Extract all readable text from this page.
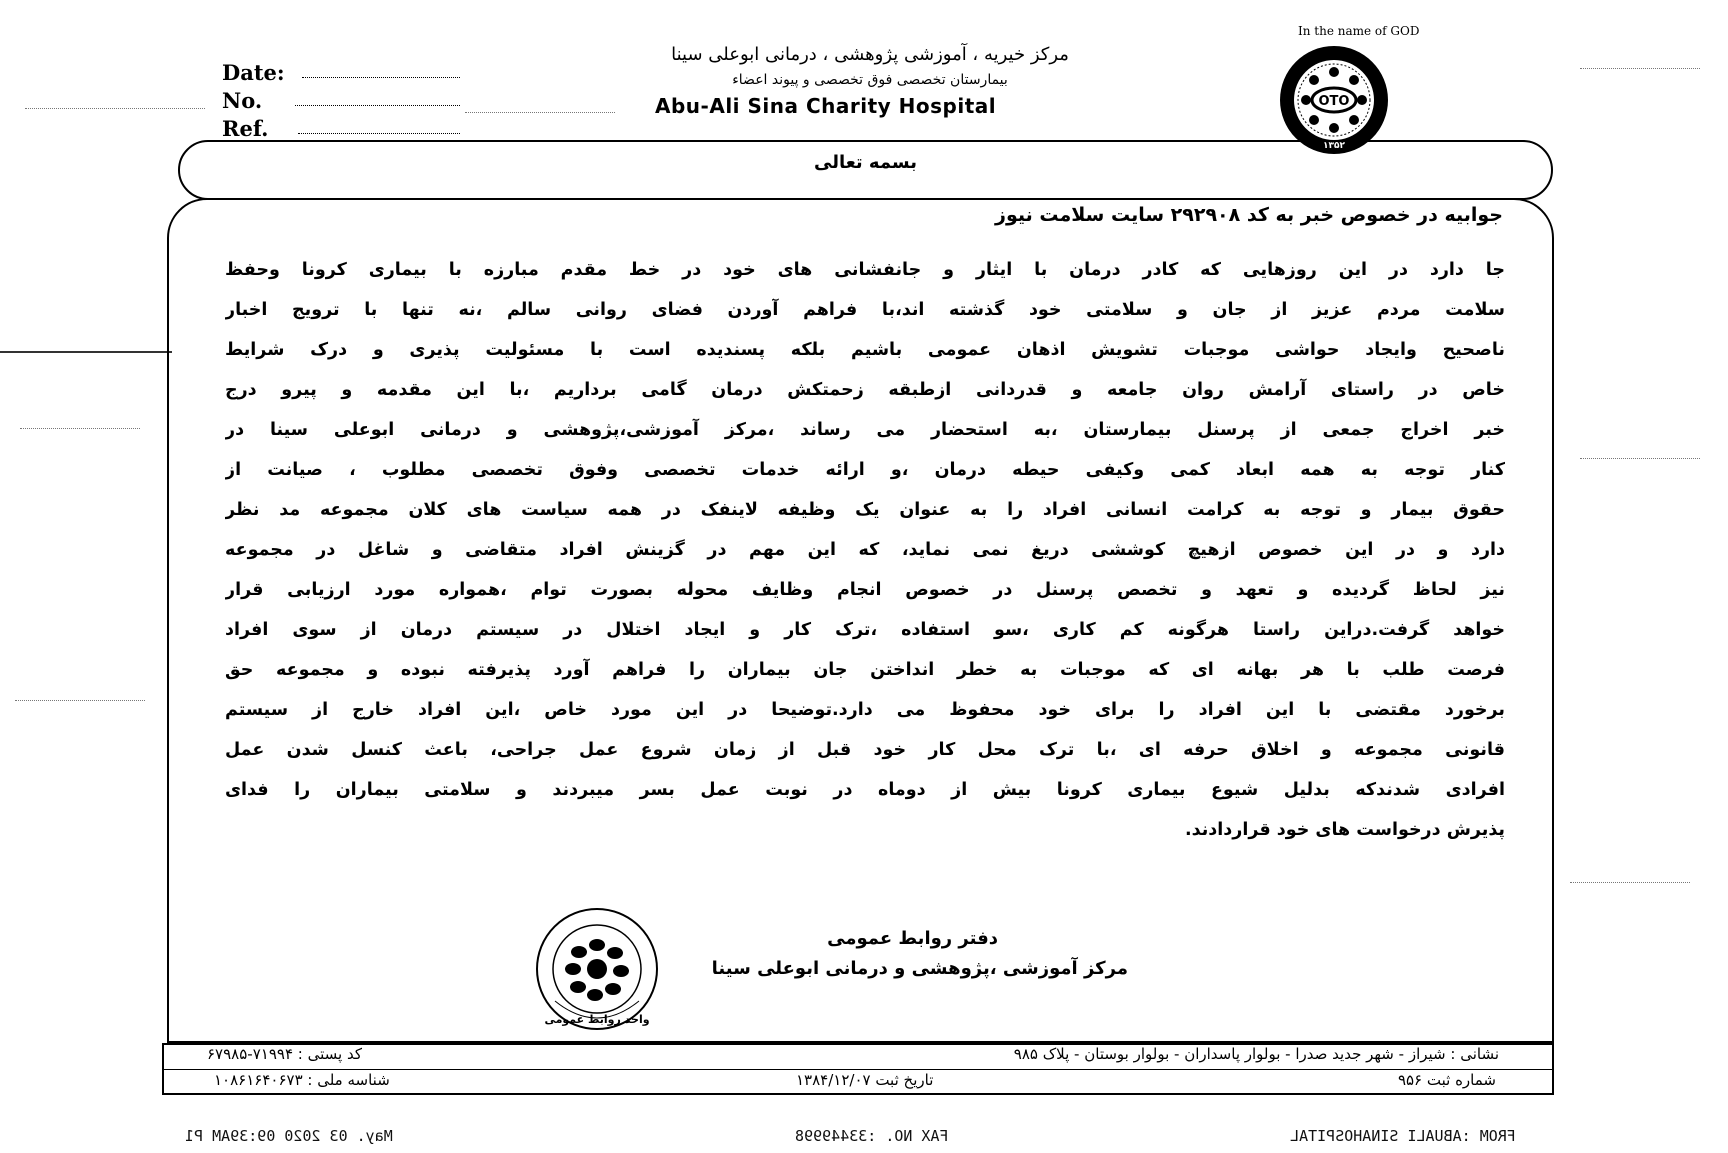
In the name of GOD
Date:
No.
Ref.
مرکز خیریه ، آموزشی پژوهشی ، درمانی ابوعلی سینا
بیمارستان تخصصی فوق تخصصی و پیوند اعضاء
Abu-Ali Sina Charity Hospital	OTO
۱۳۵۲
بسمه تعالی
جوابیه در خصوص خبر به کد ۲۹۲۹۰۸ سایت سلامت نیوز
جا دارد در این روزهایی که کادر درمان با ایثار و جانفشانی های خود در خط مقدم مبارزه با بیماری کرونا وحفظ
سلامت مردم عزیز از جان و سلامتی خود گذشته اند،با فراهم آوردن فضای روانی سالم ،نه تنها با ترویج اخبار
ناصحیح وایجاد حواشی موجبات تشویش اذهان عمومی باشیم بلکه پسندیده است با مسئولیت پذیری و درک شرایط
خاص در راستای آرامش روان جامعه و قدردانی ازطبقه زحمتکش درمان گامی برداریم ،با این مقدمه و پیرو درج
خبر اخراج جمعی از پرسنل بیمارستان ،به استحضار می رساند ،مرکز آموزشی،پژوهشی و درمانی ابوعلی سینا در
کنار توجه به همه ابعاد کمی وکیفی حیطه درمان ،و ارائه خدمات تخصصی وفوق تخصصی مطلوب ، صیانت از
حقوق بیمار و توجه به کرامت انسانی افراد را به عنوان یک وظیفه لاینفک در همه سیاست های کلان مجموعه مد نظر
دارد و در این خصوص ازهیچ کوششی دریغ نمی نماید، که این مهم در گزینش افراد متقاضی و شاغل در مجموعه
نیز لحاظ گردیده و تعهد و تخصص پرسنل در خصوص انجام وظایف محوله بصورت توام ،همواره مورد ارزیابی قرار
خواهد گرفت.دراین راستا هرگونه کم کاری ،سو استفاده ،ترک کار و ایجاد اختلال در سیستم درمان از سوی افراد
فرصت طلب با هر بهانه ای که موجبات به خطر انداختن جان بیماران را فراهم آورد پذیرفته نبوده و مجموعه حق
برخورد مقتضی با این افراد را برای خود محفوظ می دارد.توضیحا در این مورد خاص ،این افراد خارج از سیستم
قانونی مجموعه و اخلاق حرفه ای ،با ترک محل کار خود قبل از زمان شروع عمل جراحی، باعث کنسل شدن عمل
افرادی شدندکه بدلیل شیوع بیماری کرونا بیش از دوماه در نوبت عمل بسر میبردند و سلامتی بیماران را فدای
پذیرش درخواست های خود قراردادند.
دفتر روابط عمومی
مرکز آموزشی ،پژوهشی و درمانی ابوعلی سینا
واحد روابط عمومی
نشانی : شیراز - شهر جدید صدرا - بولوار پاسداران - بولوار بوستان - پلاک ۹۸۵
کد پستی : ۷۱۹۹۴-۶۷۹۸۵
شماره ثبت ۹۵۶
تاریخ ثبت ۱۳۸۴/۱۲/۰۷
شناسه ملی : ۱۰۸۶۱۶۴۰۶۷۳
FROM :ABUALI SINAHOSPITAL
FAX NO. :33449998
May. 03 2020 09:39AM P1
